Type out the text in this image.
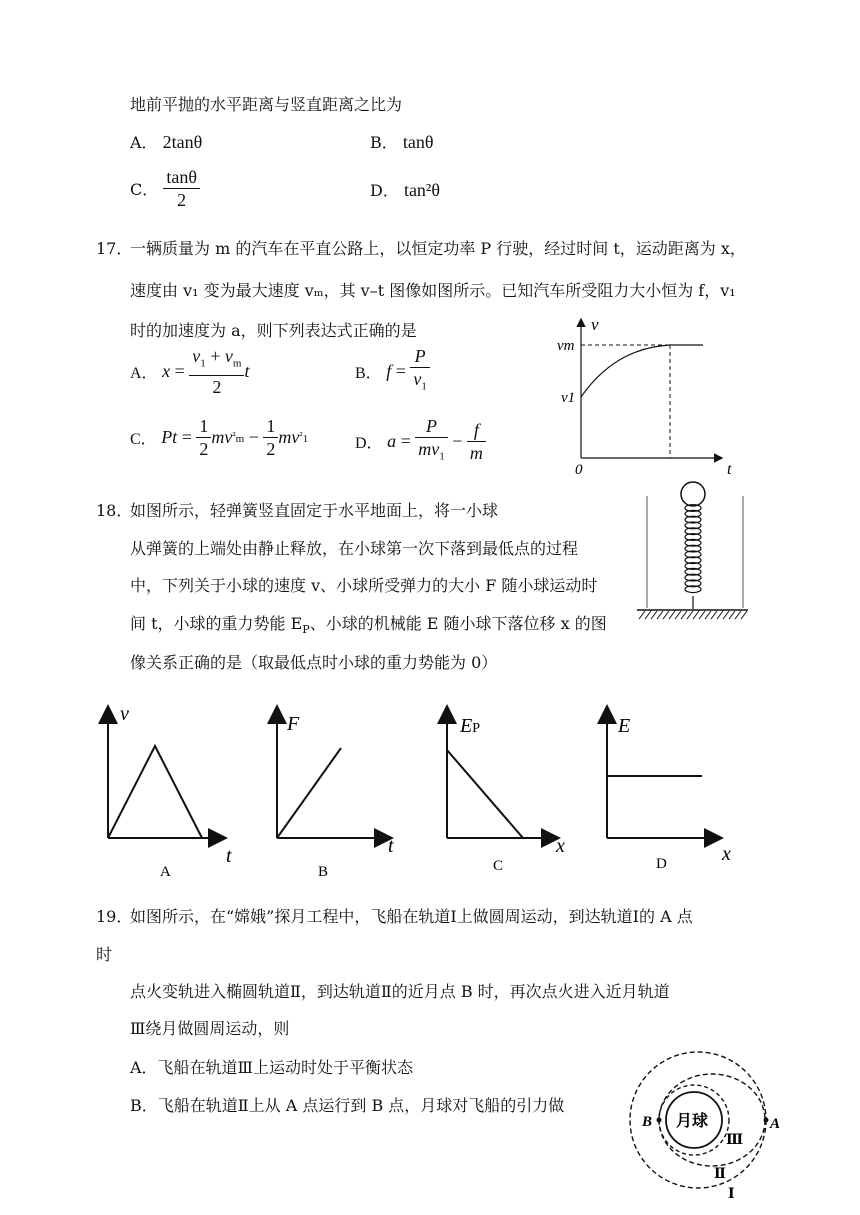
地前平抛的水平距离与竖直距离之比为
A． 2tanθ	B． tanθ
C． $\frac{\tan\theta}{2}$	D． tan²θ
17．
一辆质量为 m 的汽车在平直公路上，以恒定功率 P 行驶，经过时间 t，运动距离为 x，
速度由 v₁ 变为最大速度 vₘ，其 v–t 图像如图所示。已知汽车所受阻力大小恒为 f，v₁
时的加速度为 a，则下列表达式正确的是
A． $x = \frac{v_1 + v_m}{2}$ t	B． $f = \frac{P}{v_1}$
C． $Pt = \frac{1}{2} mv^2_m - \frac{1}{2} mv^2_1$	D． $a = \frac{P}{mv_1} - \frac{f}{m}$
v
vm
v1
0	t
18．
如图所示，轻弹簧竖直固定于水平地面上，将一小球
从弹簧的上端处由静止释放，在小球第一次下落到最低点的过程
中，下列关于小球的速度 v、小球所受弹力的大小 F 随小球运动时
间 t，小球的重力势能 $E_P$、小球的机械能 E 随小球下落位移 x 的图
像关系正确的是（取最低点时小球的重力势能为 0）
v
t
A
F
t
B
EP
x
C
E
x
D
19．
如图所示，在“嫦娥”探月工程中，飞船在轨道Ⅰ上做圆周运动，到达轨道Ⅰ的 A 点
时
点火变轨进入椭圆轨道Ⅱ，到达轨道Ⅱ的近月点 B 时，再次点火进入近月轨道
Ⅲ绕月做圆周运动，则
A．飞船在轨道Ⅲ上运动时处于平衡状态
B．飞船在轨道Ⅱ上从 A 点运行到 B 点，月球对飞船的引力做
月球
B	A
Ⅲ
Ⅱ
Ⅰ
